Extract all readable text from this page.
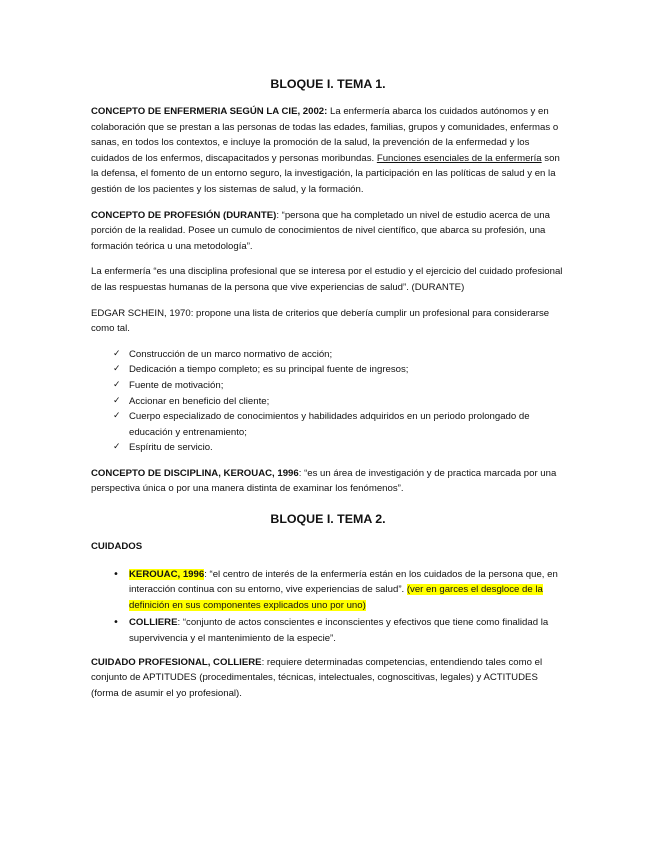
BLOQUE I. TEMA 1.

CONCEPTO DE ENFERMERIA SEGÚN LA CIE, 2002: La enfermería abarca los cuidados autónomos y en colaboración que se prestan a las personas de todas las edades, familias, grupos y comunidades, enfermas o sanas, en todos los contextos, e incluye la promoción de la salud, la prevención de la enfermedad y los cuidados de los enfermos, discapacitados y personas moribundas. Funciones esenciales de la enfermería son la defensa, el fomento de un entorno seguro, la investigación, la participación en las políticas de salud y en la gestión de los pacientes y los sistemas de salud, y la formación.

CONCEPTO DE PROFESIÓN (DURANTE): “persona que ha completado un nivel de estudio acerca de una porción de la realidad. Posee un cumulo de conocimientos de nivel científico, que abarca su profesión, una formación teórica u una metodología”.

La enfermería “es una disciplina profesional que se interesa por el estudio y el ejercicio del cuidado profesional de las respuestas humanas de la persona que vive experiencias de salud”. (DURANTE)

EDGAR SCHEIN, 1970: propone una lista de criterios que debería cumplir un profesional para considerarse como tal.

✓ Construcción de un marco normativo de acción;
✓ Dedicación a tiempo completo; es su principal fuente de ingresos;
✓ Fuente de motivación;
✓ Accionar en beneficio del cliente;
✓ Cuerpo especializado de conocimientos y habilidades adquiridos en un periodo prolongado de educación y entrenamiento;
✓ Espíritu de servicio.

CONCEPTO DE DISCIPLINA, KEROUAC, 1996: “es un área de investigación y de practica marcada por una perspectiva única o por una manera distinta de examinar los fenómenos”.

BLOQUE I. TEMA 2.

CUIDADOS

• KEROUAC, 1996: “el centro de interés de la enfermería están en los cuidados de la persona que, en interacción continua con su entorno, vive experiencias de salud”. (ver en garces el desgloce de la definición en sus componentes explicados uno por uno)
• COLLIERE: “conjunto de actos conscientes e inconscientes y efectivos que tiene como finalidad la supervivencia y el mantenimiento de la especie”.

CUIDADO PROFESIONAL, COLLIERE: requiere determinadas competencias, entendiendo tales como el conjunto de APTITUDES (procedimentales, técnicas, intelectuales, cognoscitivas, legales) y ACTITUDES (forma de asumir el yo profesional).
